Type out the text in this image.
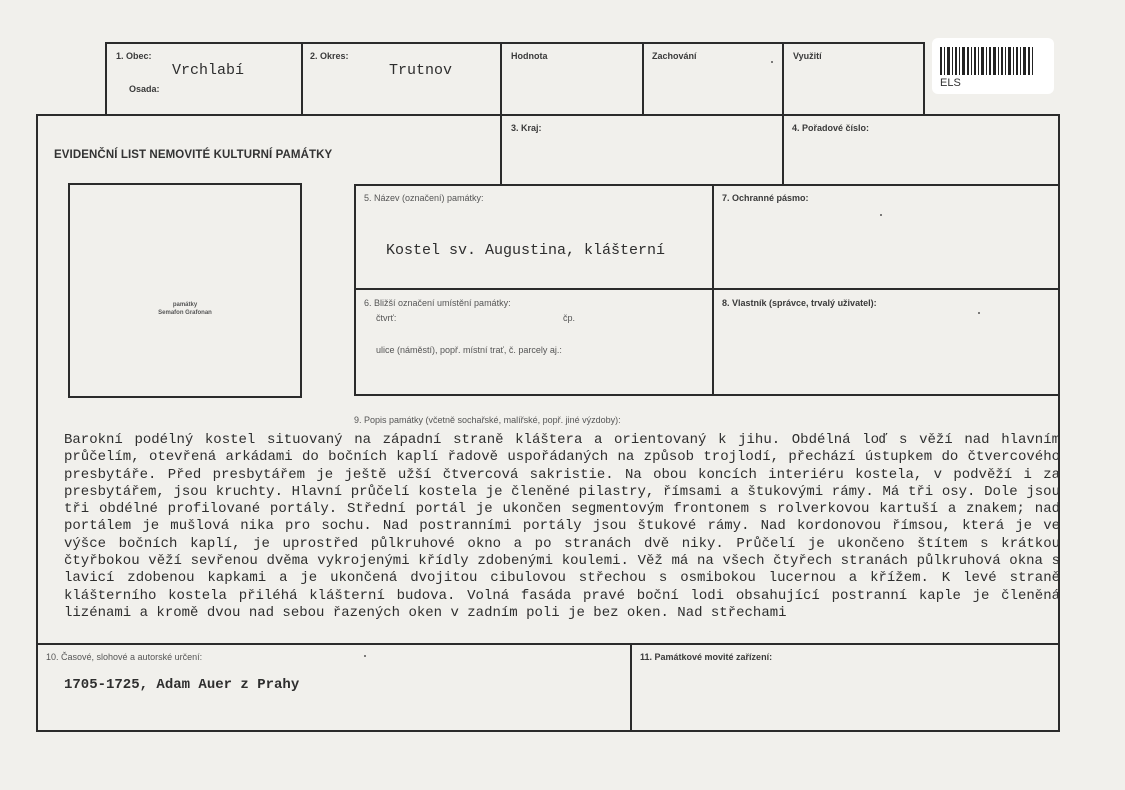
ELS
památky
Semafon Grafonan
1. Obec:
Vrchlabí
Osada:
2. Okres:
Trutnov
Hodnota	Zachování	Využití
3. Kraj:	4. Pořadové číslo:
EVIDENČNÍ LIST NEMOVITÉ KULTURNÍ PAMÁTKY
5. Název (označení) památky:
Kostel sv. Augustina, klášterní
7. Ochranné pásmo:
6. Bližší označení umístění památky:
čtvrť:	čp.
ulice (náměstí), popř. místní trať, č. parcely aj.:
8. Vlastník (správce, trvalý uživatel):
9. Popis památky (včetně sochařské, malířské, popř. jiné výzdoby):
Barokní podélný kostel situovaný na západní straně kláštera a orientovaný k jihu. Obdélná loď s věží nad hlavním průčelím, otevřená arkádami do bočních kaplí řadově uspořádaných na způsob trojlodí, přechází ústupkem do čtvercového presbytáře. Před presbytářem je ještě užší čtvercová sakristie. Na obou koncích interiéru kostela, v podvěží i za presbytářem, jsou kruchty. Hlavní průčelí kostela je členěné pilastry, římsami a štukovými rámy. Má tři osy. Dole jsou tři obdélné profilované portály. Střední portál je ukončen segmentovým frontonem s rolverkovou kartuší a znakem; nad portálem je mušlová nika pro sochu. Nad postranními portály jsou štukové rámy. Nad kordonovou římsou, která je ve výšce bočních kaplí, je uprostřed půlkruhové okno a po stranách dvě niky. Průčelí je ukončeno štítem s krátkou čtyřbokou věží sevřenou dvěma vykrojenými křídly zdobenými koulemi. Věž má na všech čtyřech stranách půlkruhová okna s lavicí zdobenou kapkami a je ukončená dvojitou cibulovou střechou s osmibokou lucernou a křížem. K levé straně klášterního kostela přiléhá klášterní budova. Volná fasáda pravé boční lodi obsahující postranní kaple je členěná lizénami a kromě dvou nad sebou řazených oken v zadním poli je bez oken. Nad střechami
10. Časové, slohové a autorské určení:
1705-1725, Adam Auer z Prahy
11. Památkové movité zařízení:
